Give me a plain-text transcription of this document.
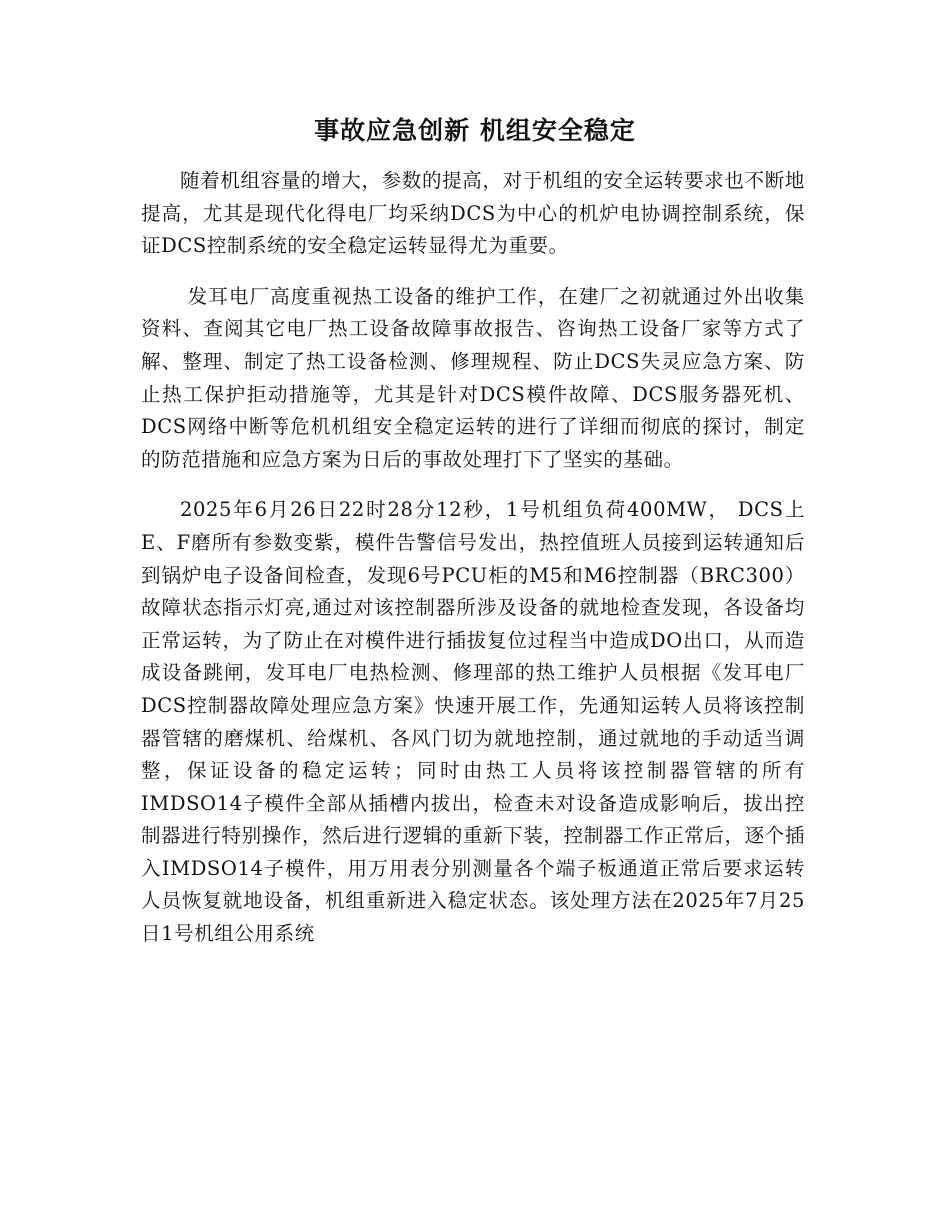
事故应急创新 机组安全稳定

随着机组容量的增大，参数的提高，对于机组的安全运转要求也不断地提高，尤其是现代化得电厂均采纳DCS为中心的机炉电协调控制系统，保证DCS控制系统的安全稳定运转显得尤为重要。

发耳电厂高度重视热工设备的维护工作，在建厂之初就通过外出收集资料、查阅其它电厂热工设备故障事故报告、咨询热工设备厂家等方式了解、整理、制定了热工设备检测、修理规程、防止DCS失灵应急方案、防止热工保护拒动措施等，尤其是针对DCS模件故障、DCS服务器死机、DCS网络中断等危机机组安全稳定运转的进行了详细而彻底的探讨，制定的防范措施和应急方案为日后的事故处理打下了坚实的基础。

2025年6月26日22时28分12秒，1号机组负荷400MW， DCS上E、F磨所有参数变紫，模件告警信号发出，热控值班人员接到运转通知后到锅炉电子设备间检查，发现6号PCU柜的M5和M6控制器（BRC300）故障状态指示灯亮,通过对该控制器所涉及设备的就地检查发现，各设备均正常运转，为了防止在对模件进行插拔复位过程当中造成DO出口，从而造成设备跳闸，发耳电厂电热检测、修理部的热工维护人员根据《发耳电厂DCS控制器故障处理应急方案》快速开展工作，先通知运转人员将该控制器管辖的磨煤机、给煤机、各风门切为就地控制，通过就地的手动适当调整，保证设备的稳定运转；同时由热工人员将该控制器管辖的所有IMDSO14子模件全部从插槽内拔出，检查未对设备造成影响后，拔出控制器进行特别操作，然后进行逻辑的重新下装，控制器工作正常后，逐个插入IMDSO14子模件，用万用表分别测量各个端子板通道正常后要求运转人员恢复就地设备，机组重新进入稳定状态。该处理方法在2025年7月25日1号机组公用系统
